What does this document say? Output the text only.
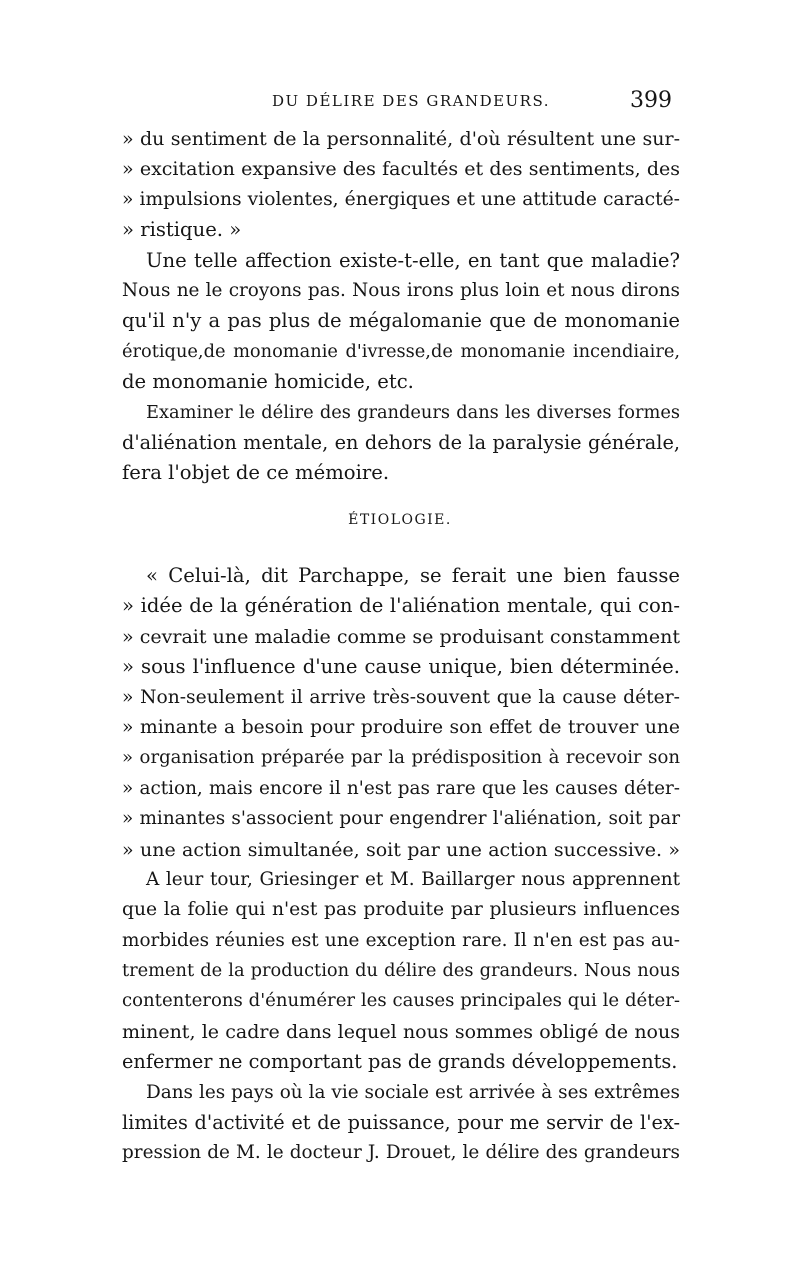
DU DÉLIRE DES GRANDEURS.	399
» du sentiment de la personnalité, d'où résultent une sur-
» excitation expansive des facultés et des sentiments, des
» impulsions violentes, énergiques et une attitude caracté-
» ristique. »
Une telle affection existe-t-elle, en tant que maladie?
Nous ne le croyons pas. Nous irons plus loin et nous dirons
qu'il n'y a pas plus de mégalomanie que de monomanie
érotique,de monomanie d'ivresse,de monomanie incendiaire,
de monomanie homicide, etc.
Examiner le délire des grandeurs dans les diverses formes
d'aliénation mentale, en dehors de la paralysie générale,
fera l'objet de ce mémoire.
ÉTIOLOGIE.
« Celui-là, dit Parchappe, se ferait une bien fausse
» idée de la génération de l'aliénation mentale, qui con-
» cevrait une maladie comme se produisant constamment
» sous l'influence d'une cause unique, bien déterminée.
» Non-seulement il arrive très-souvent que la cause déter-
» minante a besoin pour produire son effet de trouver une
» organisation préparée par la prédisposition à recevoir son
» action, mais encore il n'est pas rare que les causes déter-
» minantes s'associent pour engendrer l'aliénation, soit par
» une action simultanée, soit par une action successive. »
A leur tour, Griesinger et M. Baillarger nous apprennent
que la folie qui n'est pas produite par plusieurs influences
morbides réunies est une exception rare. Il n'en est pas au-
trement de la production du délire des grandeurs. Nous nous
contenterons d'énumérer les causes principales qui le déter-
minent, le cadre dans lequel nous sommes obligé de nous
enfermer ne comportant pas de grands développements.
Dans les pays où la vie sociale est arrivée à ses extrêmes
limites d'activité et de puissance, pour me servir de l'ex-
pression de M. le docteur J. Drouet, le délire des grandeurs
